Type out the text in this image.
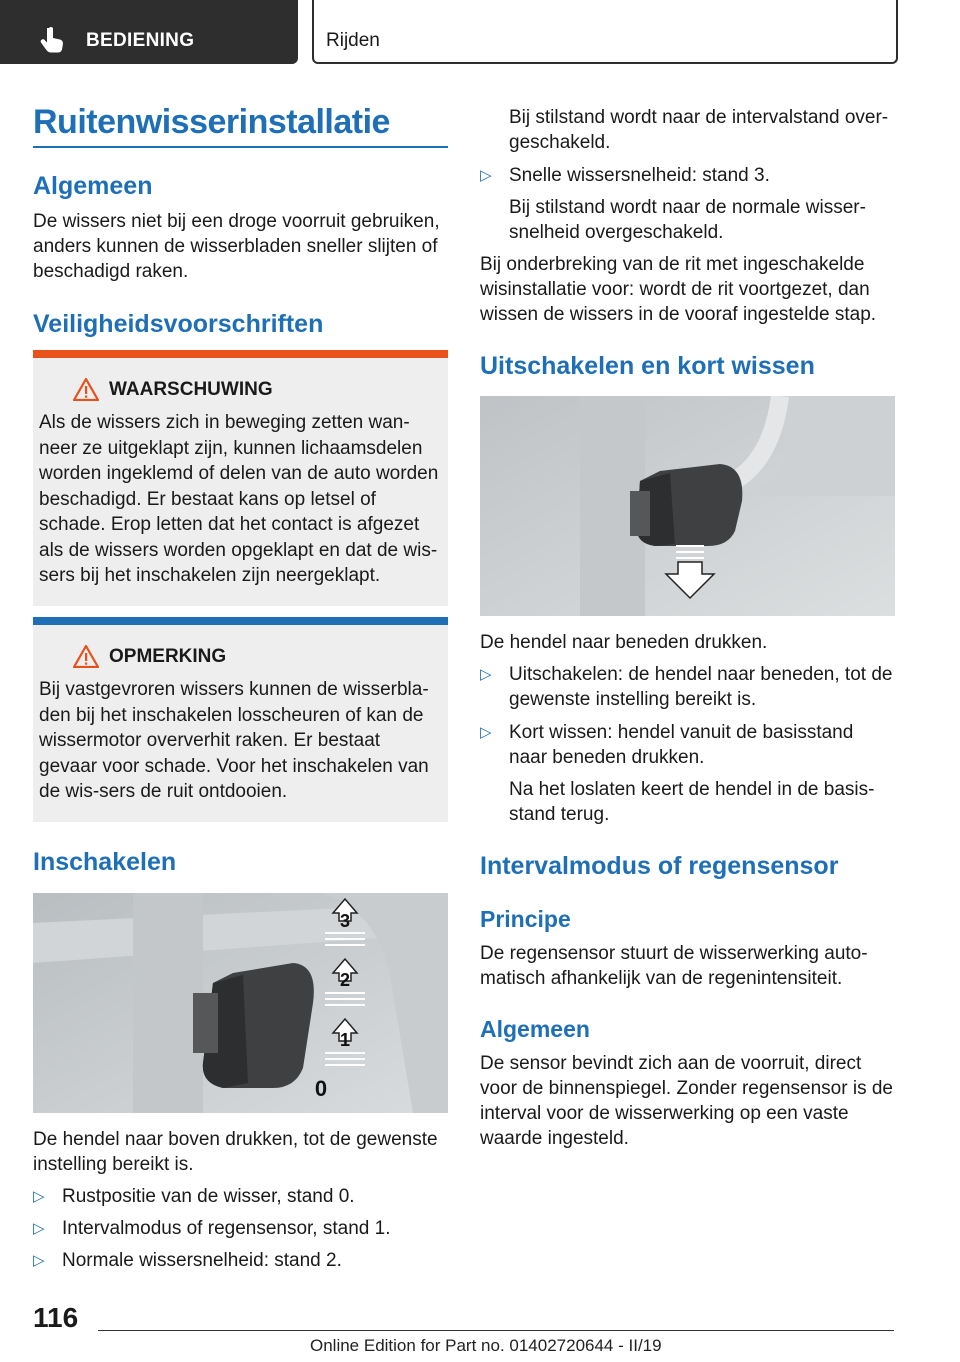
BEDIENING	Rijden
Ruitenwisserinstallatie
Algemeen

De wissers niet bij een droge voorruit gebruiken, anders kunnen de wisserbladen sneller slijten of beschadigd raken.

Veiligheidsvoorschriften
WAARSCHUWING
Als de wissers zich in beweging zetten wan-neer ze uitgeklapt zijn, kunnen lichaamsdelen worden ingeklemd of delen van de auto worden beschadigd. Er bestaat kans op letsel of schade. Erop letten dat het contact is afgezet als de wissers worden opgeklapt en dat de wis-sers bij het inschakelen zijn neergeklapt.
OPMERKING
Bij vastgevroren wissers kunnen de wisserbla-den bij het inschakelen losscheuren of kan de wissermotor oververhit raken. Er bestaat gevaar voor schade. Voor het inschakelen van de wis-sers de ruit ontdooien.
Inschakelen
3
2
1
0

De hendel naar boven drukken, tot de gewenste instelling bereikt is.

▷ Rustpositie van de wisser, stand 0.
▷ Intervalmodus of regensensor, stand 1.
▷ Normale wissersnelheid: stand 2.

Bij stilstand wordt naar de intervalstand over-geschakeld.

▷ Snelle wissersnelheid: stand 3.

Bij stilstand wordt naar de normale wisser-snelheid overgeschakeld.

Bij onderbreking van de rit met ingeschakelde wisinstallatie voor: wordt de rit voortgezet, dan wissen de wissers in de vooraf ingestelde stap.

Uitschakelen en kort wissen

De hendel naar beneden drukken.

▷ Uitschakelen: de hendel naar beneden, tot de gewenste instelling bereikt is.
▷ Kort wissen: hendel vanuit de basisstand naar beneden drukken.

Na het loslaten keert de hendel in de basis-stand terug.

Intervalmodus of regensensor
Principe

De regensensor stuurt de wisserwerking auto-matisch afhankelijk van de regenintensiteit.

Algemeen

De sensor bevindt zich aan de voorruit, direct voor de binnenspiegel. Zonder regensensor is de interval voor de wisserwerking op een vaste waarde ingesteld.

116
Online Edition for Part no. 01402720644 - II/19
